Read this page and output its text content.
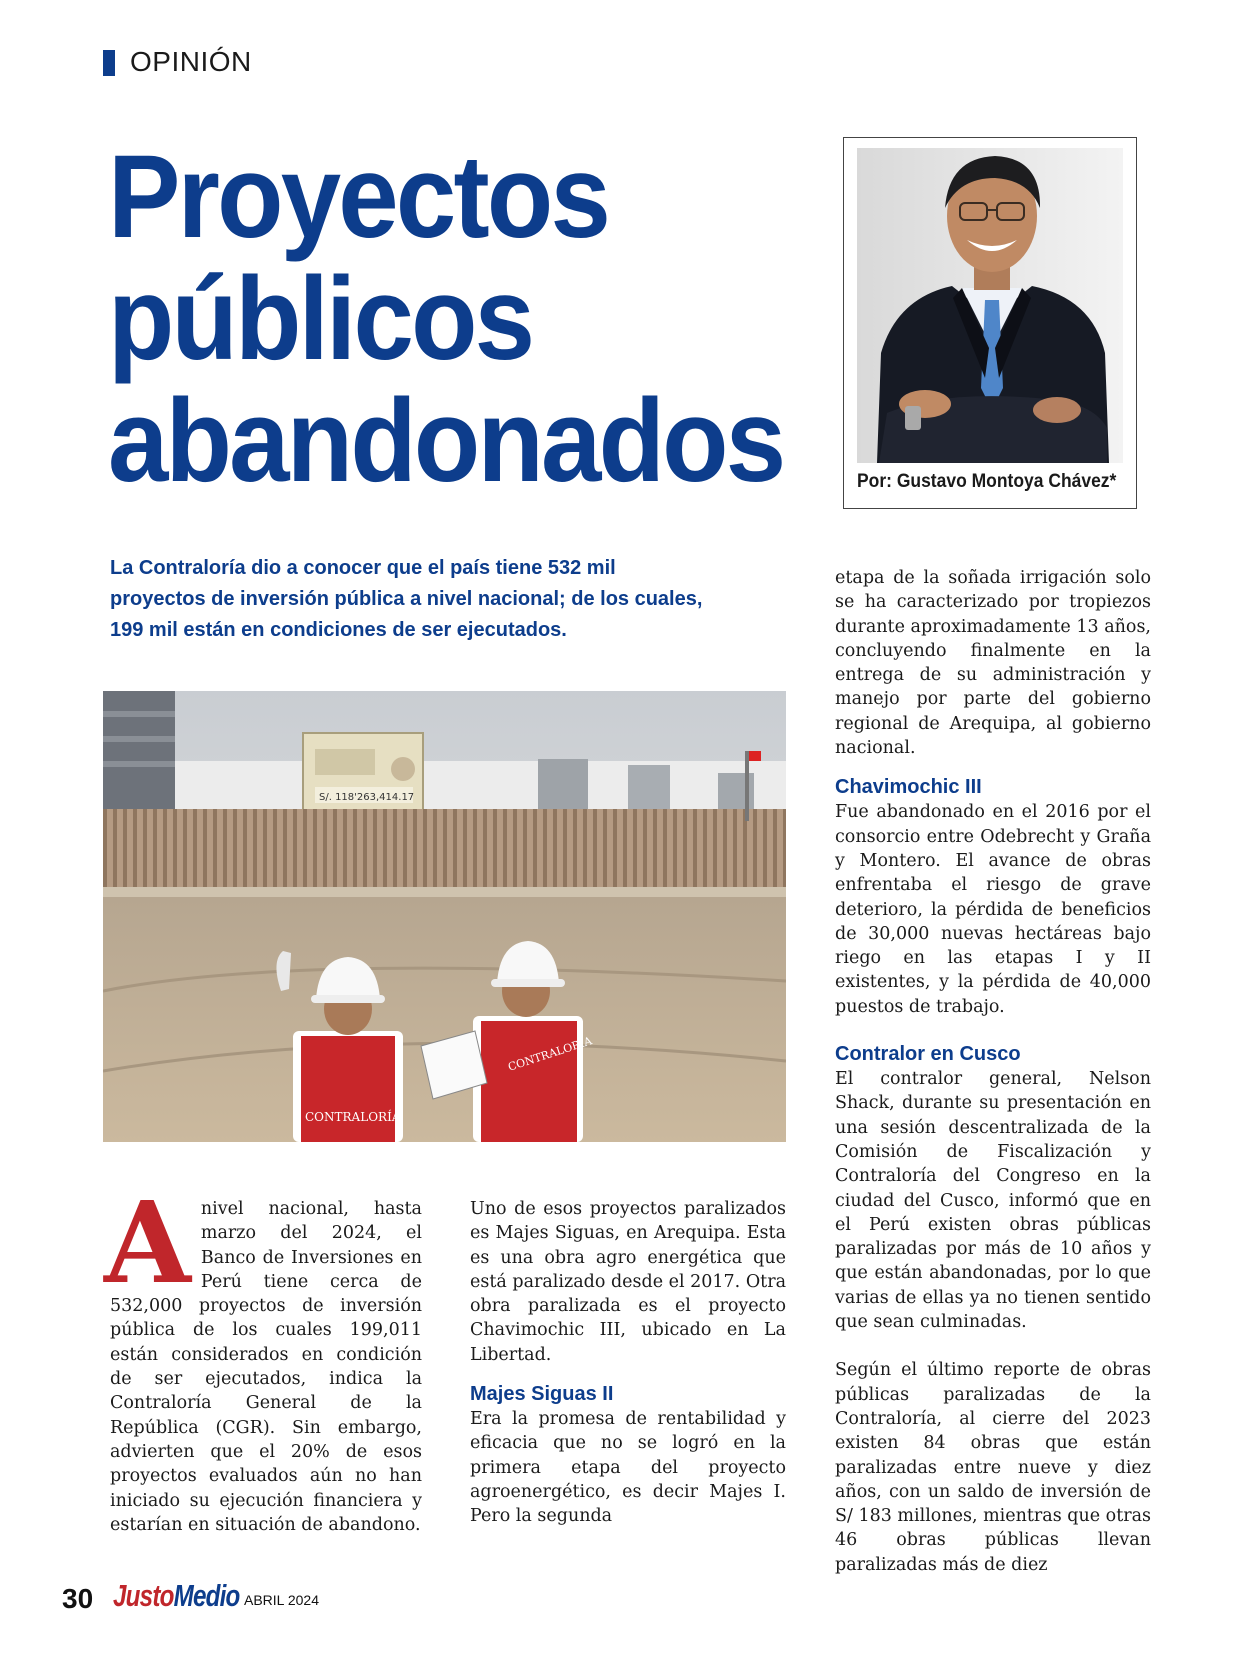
OPINIÓN
Proyectos públicos abandonados	Por: Gustavo Montoya Chávez*
La Contraloría dio a conocer que el país tiene 532 mil proyectos de inversión pública a nivel nacional; de los cuales, 199 mil están en condiciones de ser ejecutados.
S/. 118'263,414.17
CONTRALORÍA
CONTRALORÍA
A nivel nacional, hasta marzo del 2024, el Banco de Inversiones en Perú tiene cerca de 532,000 proyectos de inversión pública de los cuales 199,011 están considerados en condición de ser ejecutados, indica la Contraloría General de la República (CGR). Sin embargo, advierten que el 20% de esos proyectos evaluados aún no han iniciado su ejecución financiera y estarían en situación de abandono.

Uno de esos proyectos paralizados es Majes Siguas, en Arequipa. Esta es una obra agro energética que está paralizado desde el 2017. Otra obra paralizada es el proyecto Chavimochic III, ubicado en La Libertad.

Majes Siguas II

Era la promesa de rentabilidad y eficacia que no se logró en la primera etapa del proyecto agroenergético, es decir Majes I. Pero la segunda

etapa de la soñada irrigación solo se ha caracterizado por tropiezos durante aproximadamente 13 años, concluyendo finalmente en la entrega de su administración y manejo por parte del gobierno regional de Arequipa, al gobierno nacional.

Chavimochic III

Fue abandonado en el 2016 por el consorcio entre Odebrecht y Graña y Montero. El avance de obras enfrentaba el riesgo de grave deterioro, la pérdida de beneficios de 30,000 nuevas hectáreas bajo riego en las etapas I y II existentes, y la pérdida de 40,000 puestos de trabajo.

Contralor en Cusco

El contralor general, Nelson Shack, durante su presentación en una sesión descentralizada de la Comisión de Fiscalización y Contraloría del Congreso en la ciudad del Cusco, informó que en el Perú existen obras públicas paralizadas por más de 10 años y que están abandonadas, por lo que varias de ellas ya no tienen sentido que sean culminadas.

Según el último reporte de obras públicas paralizadas de la Contraloría, al cierre del 2023 existen 84 obras que están paralizadas entre nueve y diez años, con un saldo de inversión de S/ 183 millones, mientras que otras 46 obras públicas llevan paralizadas más de diez

30 JustoMedio ABRIL 2024
